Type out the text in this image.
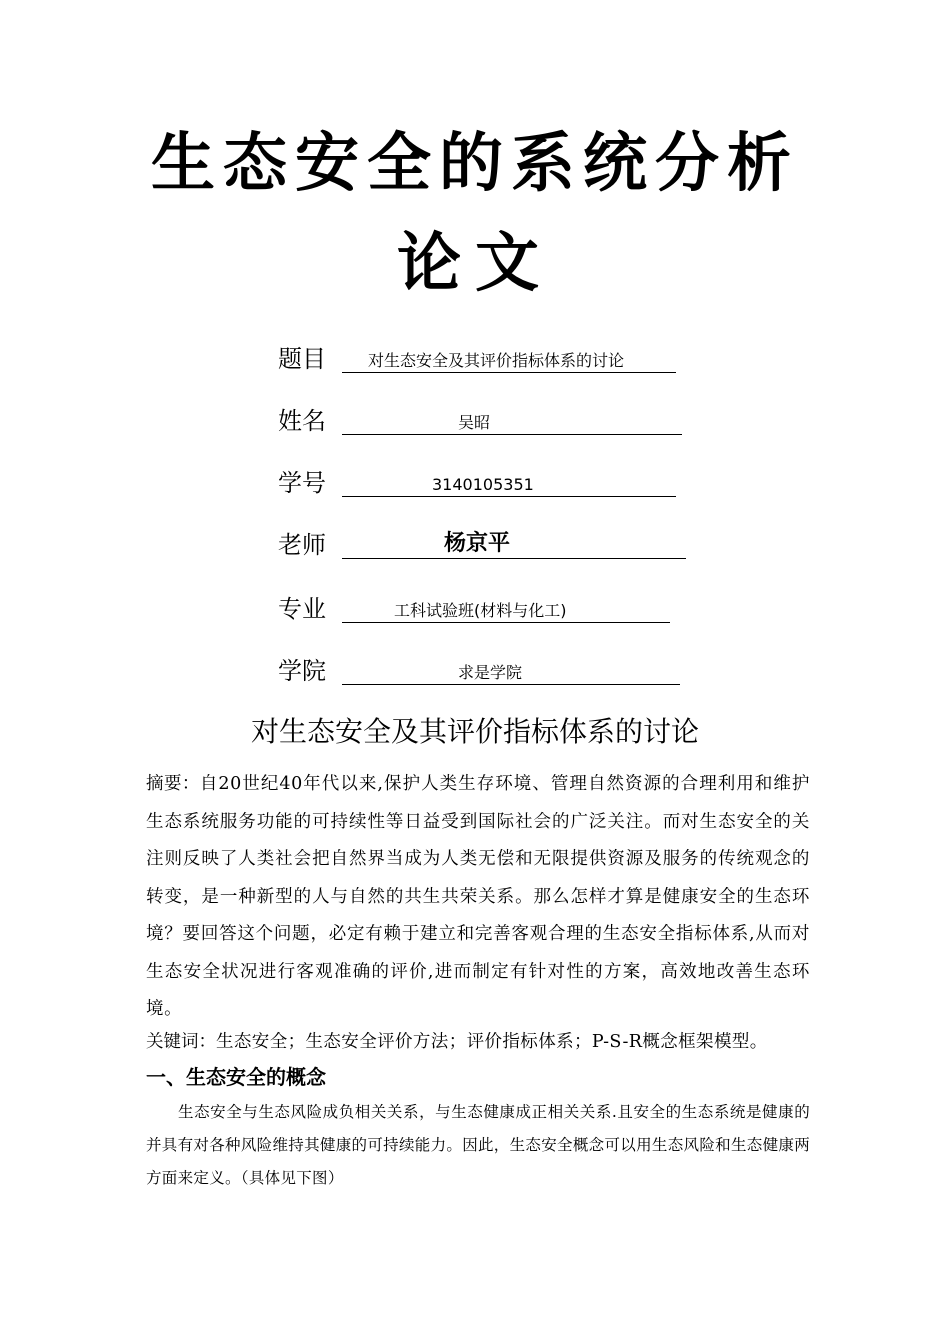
生态安全的系统分析
论文
题目	对生态安全及其评价指标体系的讨论
姓名	吴昭
学号	3140105351
老师	杨京平
专业	工科试验班(材料与化工)
学院	求是学院
对生态安全及其评价指标体系的讨论
摘要：自20世纪40年代以来,保护人类生存环境、管理自然资源的合理利用和维护生态系统服务功能的可持续性等日益受到国际社会的广泛关注。而对生态安全的关注则反映了人类社会把自然界当成为人类无偿和无限提供资源及服务的传统观念的转变，是一种新型的人与自然的共生共荣关系。那么怎样才算是健康安全的生态环境？要回答这个问题，必定有赖于建立和完善客观合理的生态安全指标体系,从而对生态安全状况进行客观准确的评价,进而制定有针对性的方案，高效地改善生态环境。
关键词：生态安全；生态安全评价方法；评价指标体系；P-S-R概念框架模型。
一、生态安全的概念
生态安全与生态风险成负相关关系，与生态健康成正相关关系.且安全的生态系统是健康的并具有对各种风险维持其健康的可持续能力。因此，生态安全概念可以用生态风险和生态健康两方面来定义。（具体见下图）
